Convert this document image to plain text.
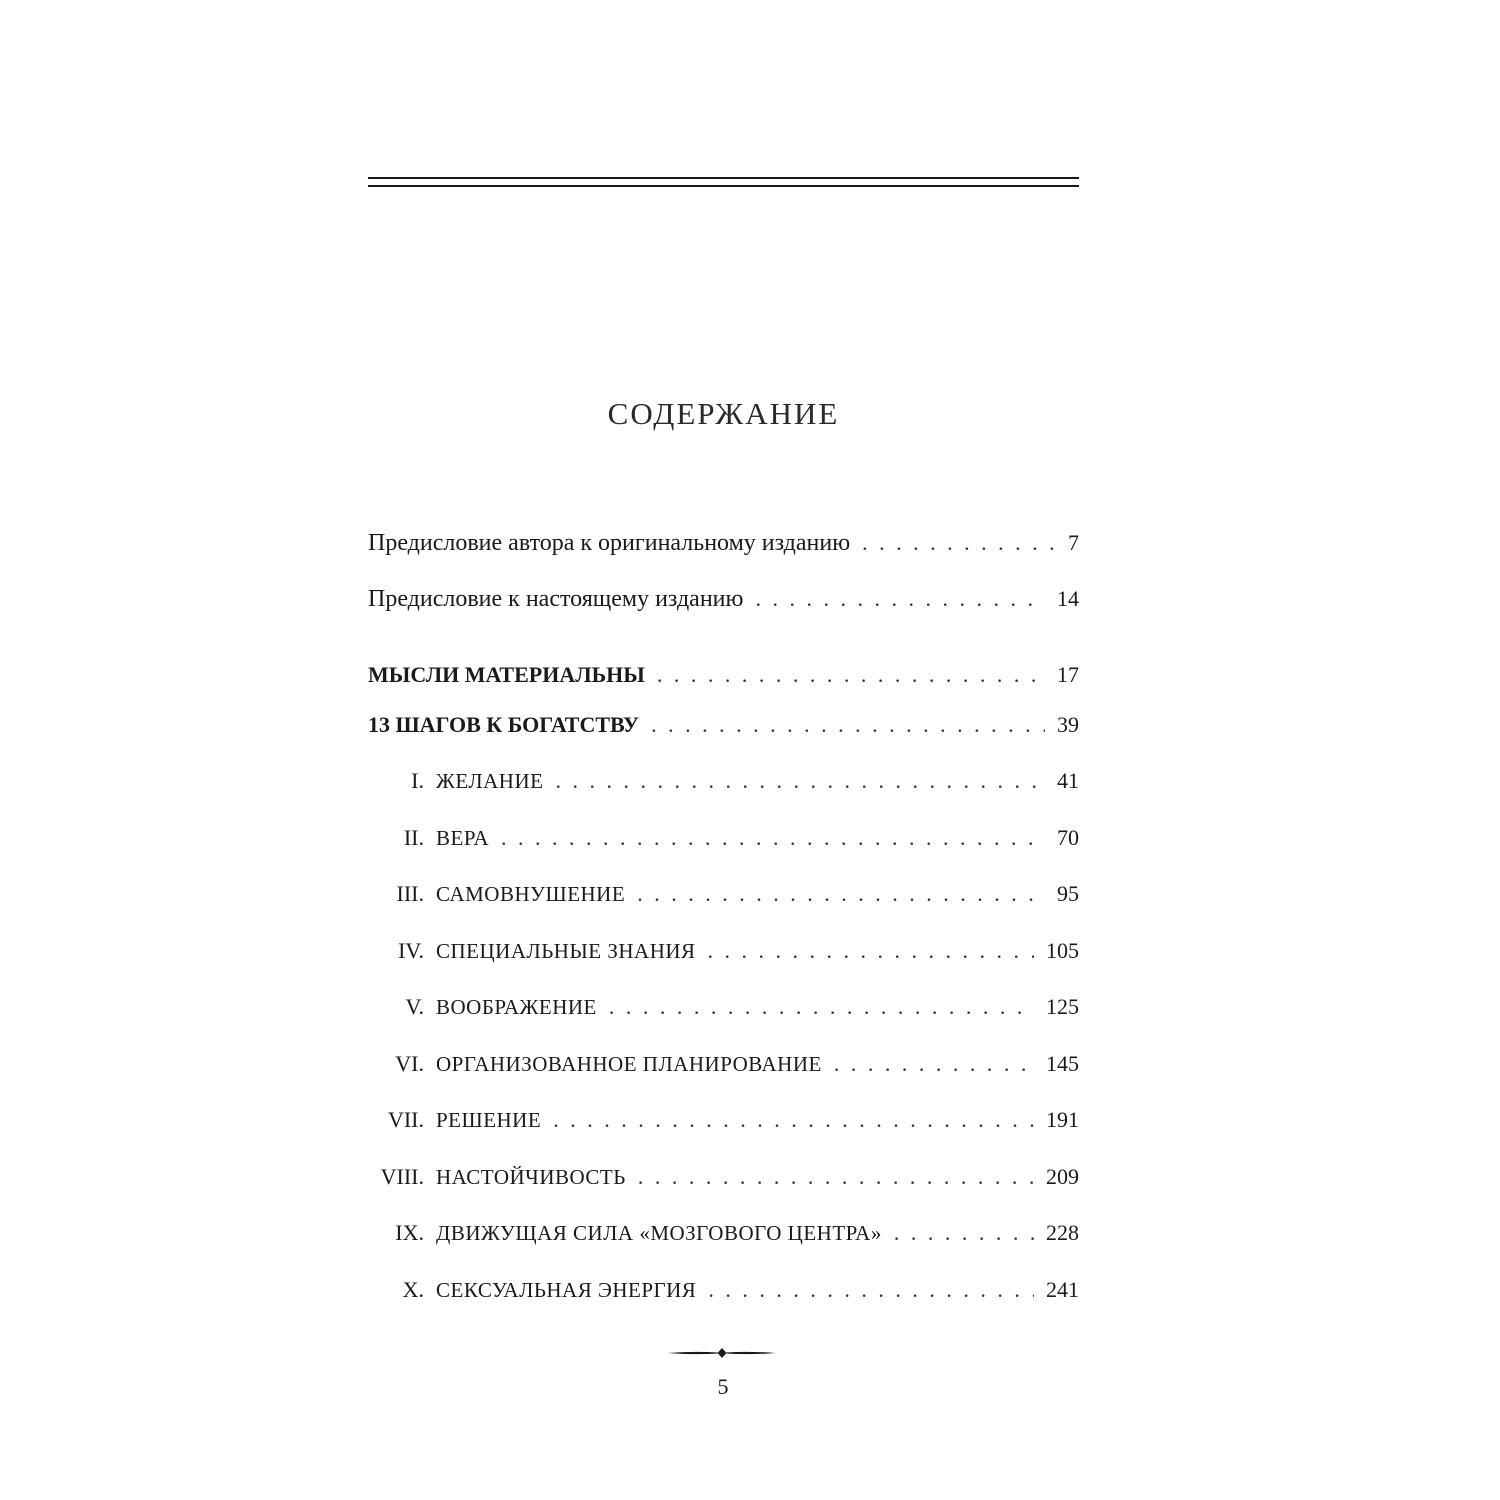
СОДЕРЖАНИЕ
Предисловие автора к оригинальному изданию . . .	7
Предисловие к настоящему изданию . . .	14
МЫСЛИ МАТЕРИАЛЬНЫ . . .	17
13 ШАГОВ К БОГАТСТВУ . . .	39
I. ЖЕЛАНИЕ . . .	41
II. ВЕРА . . .	70
III. САМОВНУШЕНИЕ . . .	95
IV. СПЕЦИАЛЬНЫЕ ЗНАНИЯ . . .	105
V. ВООБРАЖЕНИЕ . . .	125
VI. ОРГАНИЗОВАННОЕ ПЛАНИРОВАНИЕ . . .	145
VII. РЕШЕНИЕ . . .	191
VIII. НАСТОЙЧИВОСТЬ . . .	209
IX. ДВИЖУЩАЯ СИЛА «МОЗГОВОГО ЦЕНТРА» . . .	228
X. СЕКСУАЛЬНАЯ ЭНЕРГИЯ . . .	241
5
